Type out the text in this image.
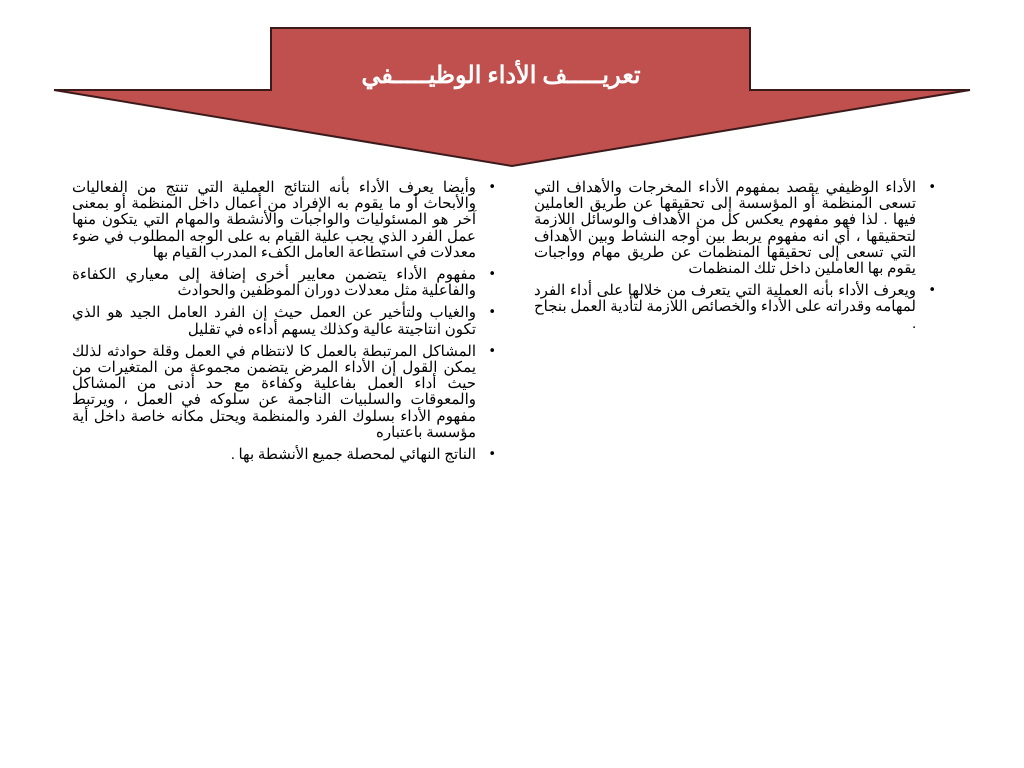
تعريـــــف الأداء الوظيـــــفي
•
الأداء الوظيفي يقصد بمفهوم الأداء المخرجات والأهداف التي تسعى المنظمة أو المؤسسة إلى تحقيقها عن طريق العاملين فيها . لذا فهو مفهوم يعكس كل من الأهداف والوسائل اللازمة لتحقيقها ، أي انه مفهوم يربط بين أوجه النشاط وبين الأهداف التي تسعى إلى تحقيقها المنظمات عن طريق مهام وواجبات يقوم بها العاملين داخل تلك المنظمات
•
ويعرف الأداء بأنه العملية التي يتعرف من خلالها على أداء الفرد لمهامه وقدراته على الأداء والخصائص اللازمة لتأدية العمل بنجاح .
•
وأيضا يعرف الأداء بأنه النتائج العملية التي تنتج من الفعاليات والأبحاث أو ما يقوم به الإفراد من أعمال داخل المنظمة أو بمعنى آخر هو المسئوليات والواجبات والأنشطة والمهام التي يتكون منها عمل الفرد الذي يجب علية القيام به على الوجه المطلوب في ضوء معدلات في استطاعة العامل الكفء المدرب القيام بها
•
مفهوم الأداء يتضمن معايير أخرى إضافة إلى معياري الكفاءة والفاعلية مثل معدلات دوران الموظفين والحوادث
•
والغياب ولتأخير عن العمل حيث إن الفرد العامل الجيد هو الذي تكون انتاجيتة عالية وكذلك يسهم أداءه في تقليل
•
المشاكل المرتبطة بالعمل كا لانتظام في العمل وقلة حوادثه لذلك يمكن القول إن الأداء المرض يتضمن مجموعة من المتغيرات من حيث أداء العمل بفاعلية وكفاءة مع حد أدنى من المشاكل والمعوقات والسلبيات الناجمة عن سلوكه في العمل ، ويرتبط مفهوم الأداء بسلوك الفرد والمنظمة ويحتل مكانه خاصة داخل أية مؤسسة باعتباره
•
الناتج النهائي لمحصلة جميع الأنشطة بها .
